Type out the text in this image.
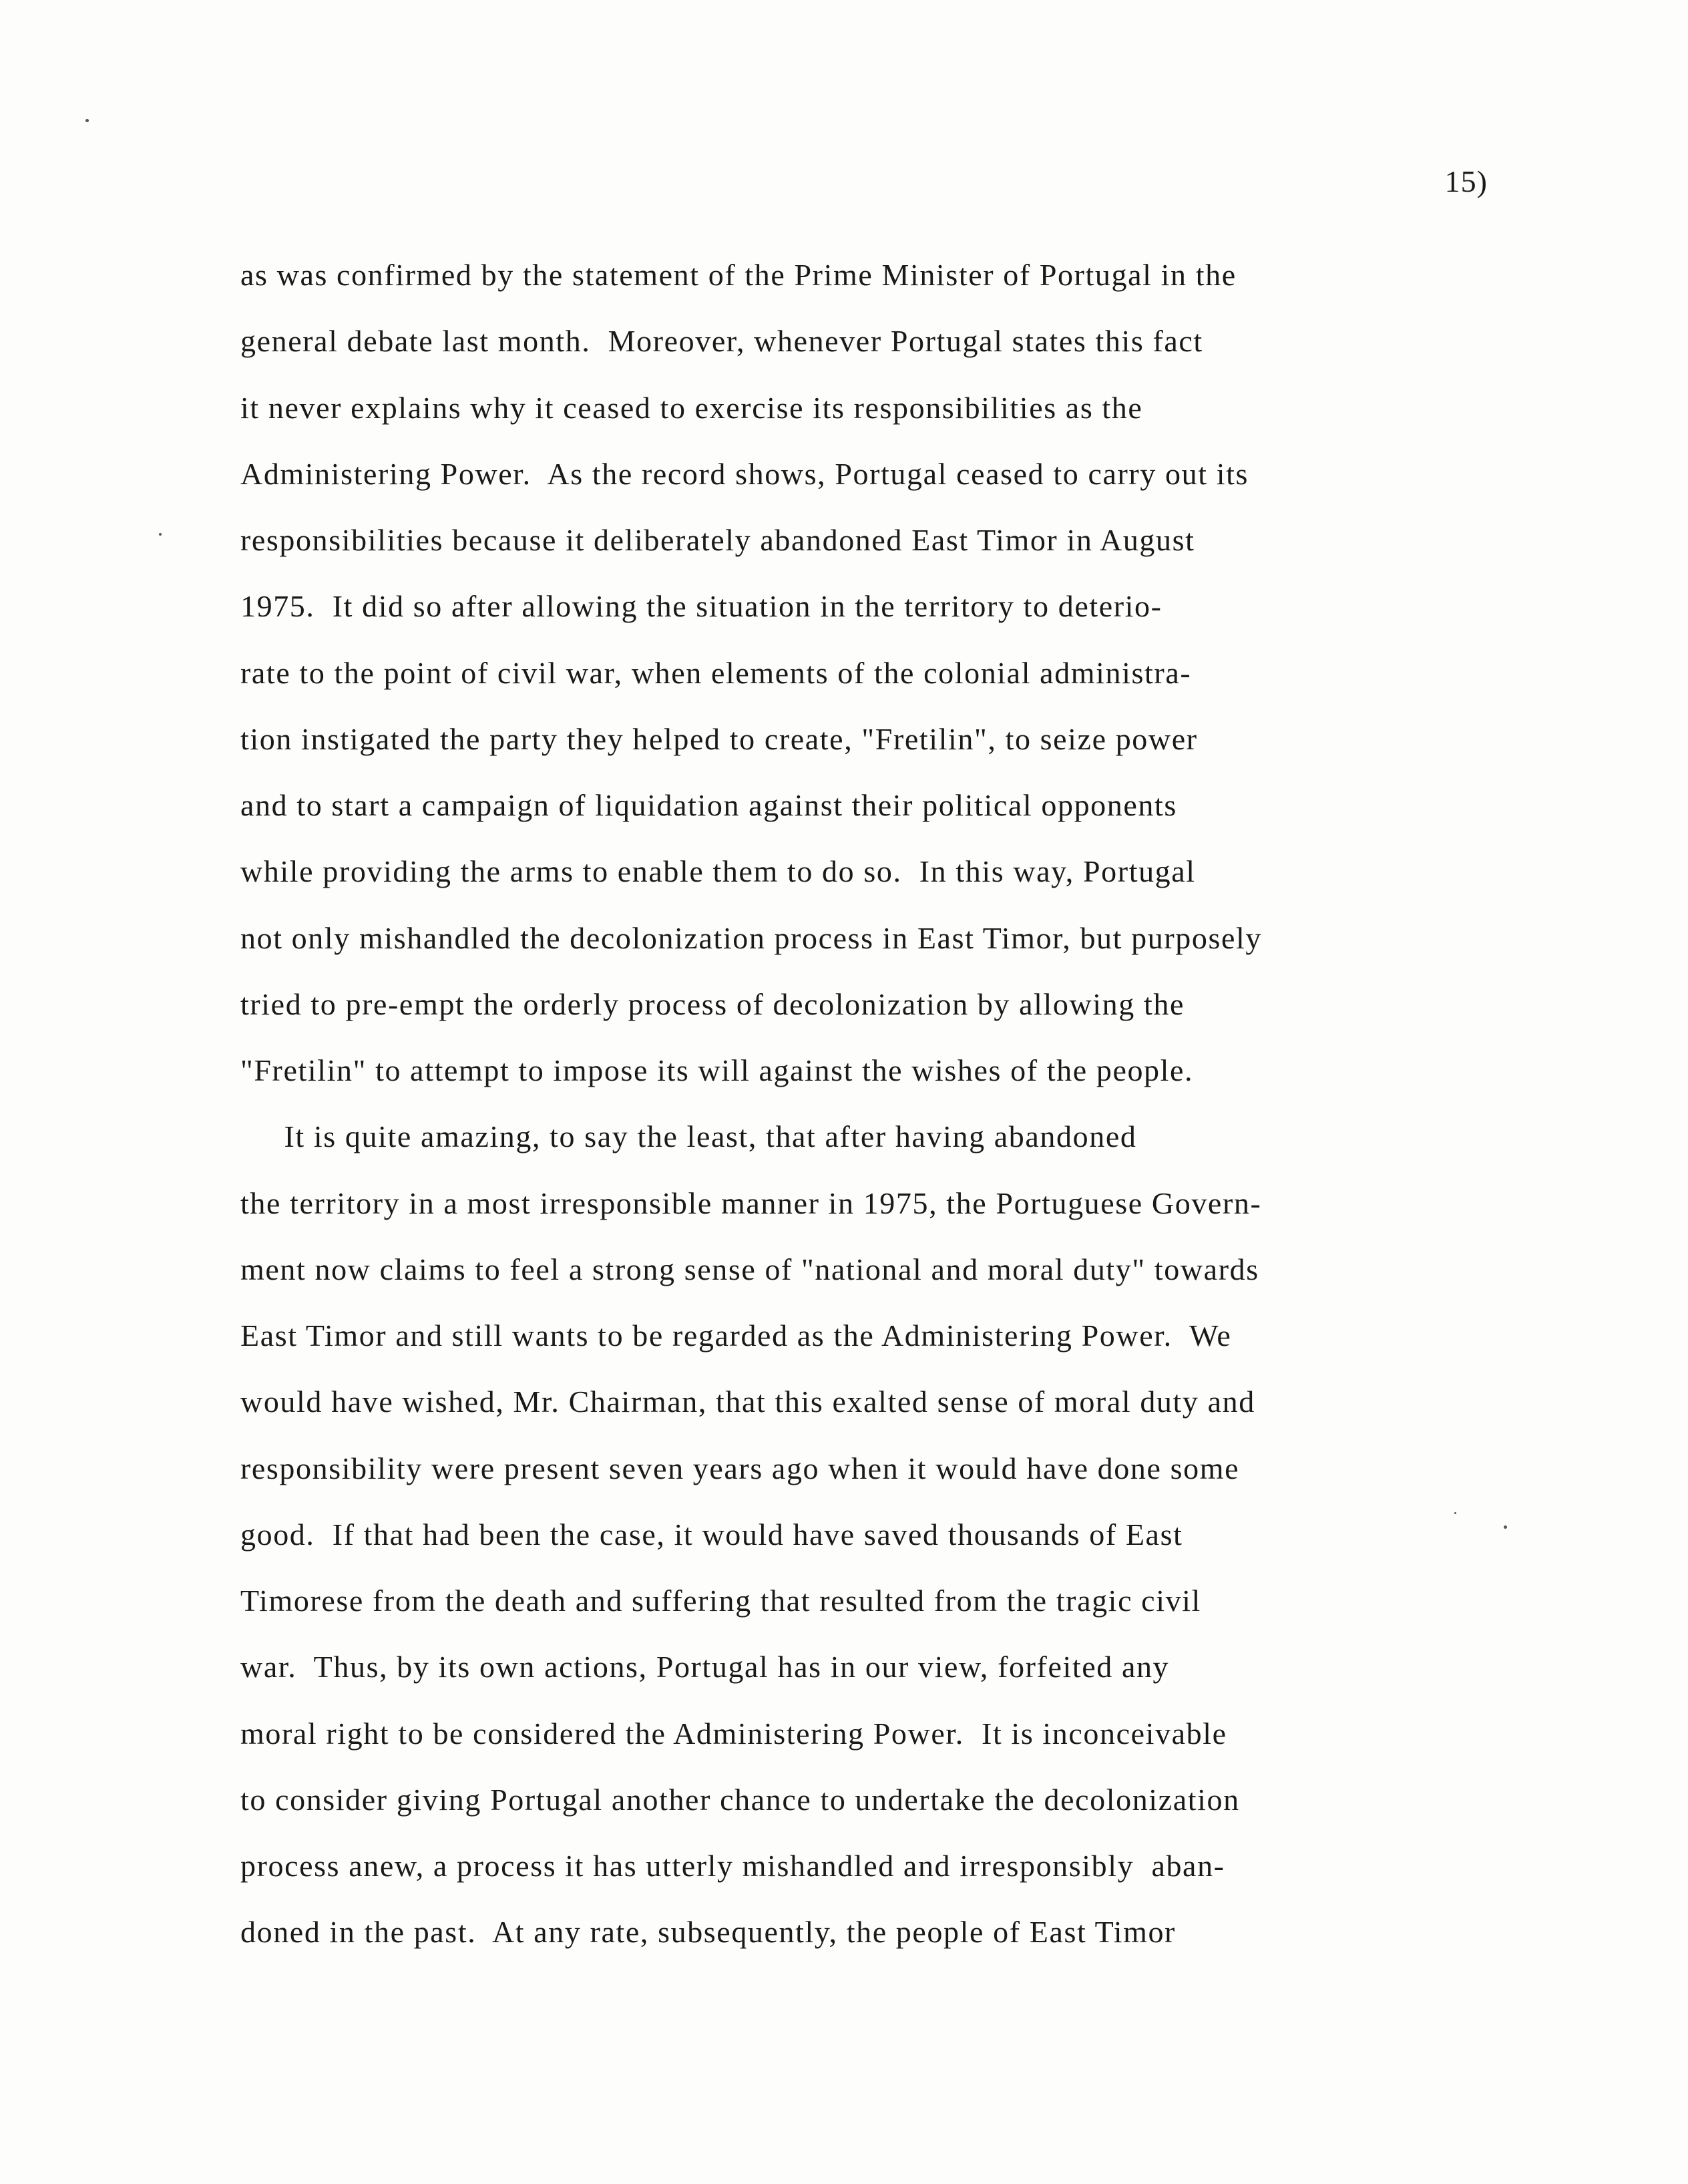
15)
as was confirmed by the statement of the Prime Minister of Portugal in the
general debate last month.  Moreover, whenever Portugal states this fact
it never explains why it ceased to exercise its responsibilities as the
Administering Power.  As the record shows, Portugal ceased to carry out its
responsibilities because it deliberately abandoned East Timor in August
1975.  It did so after allowing the situation in the territory to deterio-
rate to the point of civil war, when elements of the colonial administra-
tion instigated the party they helped to create, "Fretilin", to seize power
and to start a campaign of liquidation against their political opponents
while providing the arms to enable them to do so.  In this way, Portugal
not only mishandled the decolonization process in East Timor, but purposely
tried to pre-empt the orderly process of decolonization by allowing the
"Fretilin" to attempt to impose its will against the wishes of the people.
It is quite amazing, to say the least, that after having abandoned
the territory in a most irresponsible manner in 1975, the Portuguese Govern-
ment now claims to feel a strong sense of "national and moral duty" towards
East Timor and still wants to be regarded as the Administering Power.  We
would have wished, Mr. Chairman, that this exalted sense of moral duty and
responsibility were present seven years ago when it would have done some
good.  If that had been the case, it would have saved thousands of East
Timorese from the death and suffering that resulted from the tragic civil
war.  Thus, by its own actions, Portugal has in our view, forfeited any
moral right to be considered the Administering Power.  It is inconceivable
to consider giving Portugal another chance to undertake the decolonization
process anew, a process it has utterly mishandled and irresponsibly  aban-
doned in the past.  At any rate, subsequently, the people of East Timor
